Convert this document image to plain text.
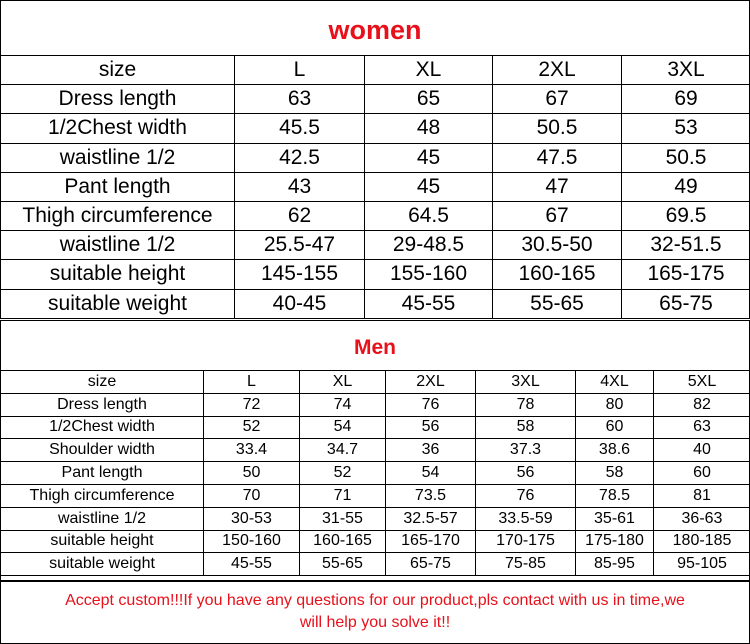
women
size	L	XL	2XL	3XL
Dress length	63	65	67	69
1/2Chest width	45.5	48	50.5	53
waistline 1/2	42.5	45	47.5	50.5
Pant length	43	45	47	49
Thigh circumference	62	64.5	67	69.5
waistline 1/2	25.5-47	29-48.5	30.5-50	32-51.5
suitable height	145-155	155-160	160-165	165-175
suitable weight	40-45	45-55	55-65	65-75
Men
size	L	XL	2XL	3XL	4XL	5XL
Dress length	72	74	76	78	80	82
1/2Chest width	52	54	56	58	60	63
Shoulder width	33.4	34.7	36	37.3	38.6	40
Pant length	50	52	54	56	58	60
Thigh circumference	70	71	73.5	76	78.5	81
waistline 1/2	30-53	31-55	32.5-57	33.5-59	35-61	36-63
suitable height	150-160	160-165	165-170	170-175	175-180	180-185
suitable weight	45-55	55-65	65-75	75-85	85-95	95-105
Accept custom!!!If you have any questions for our product,pls contact with us in time,we
will help you solve it!!
